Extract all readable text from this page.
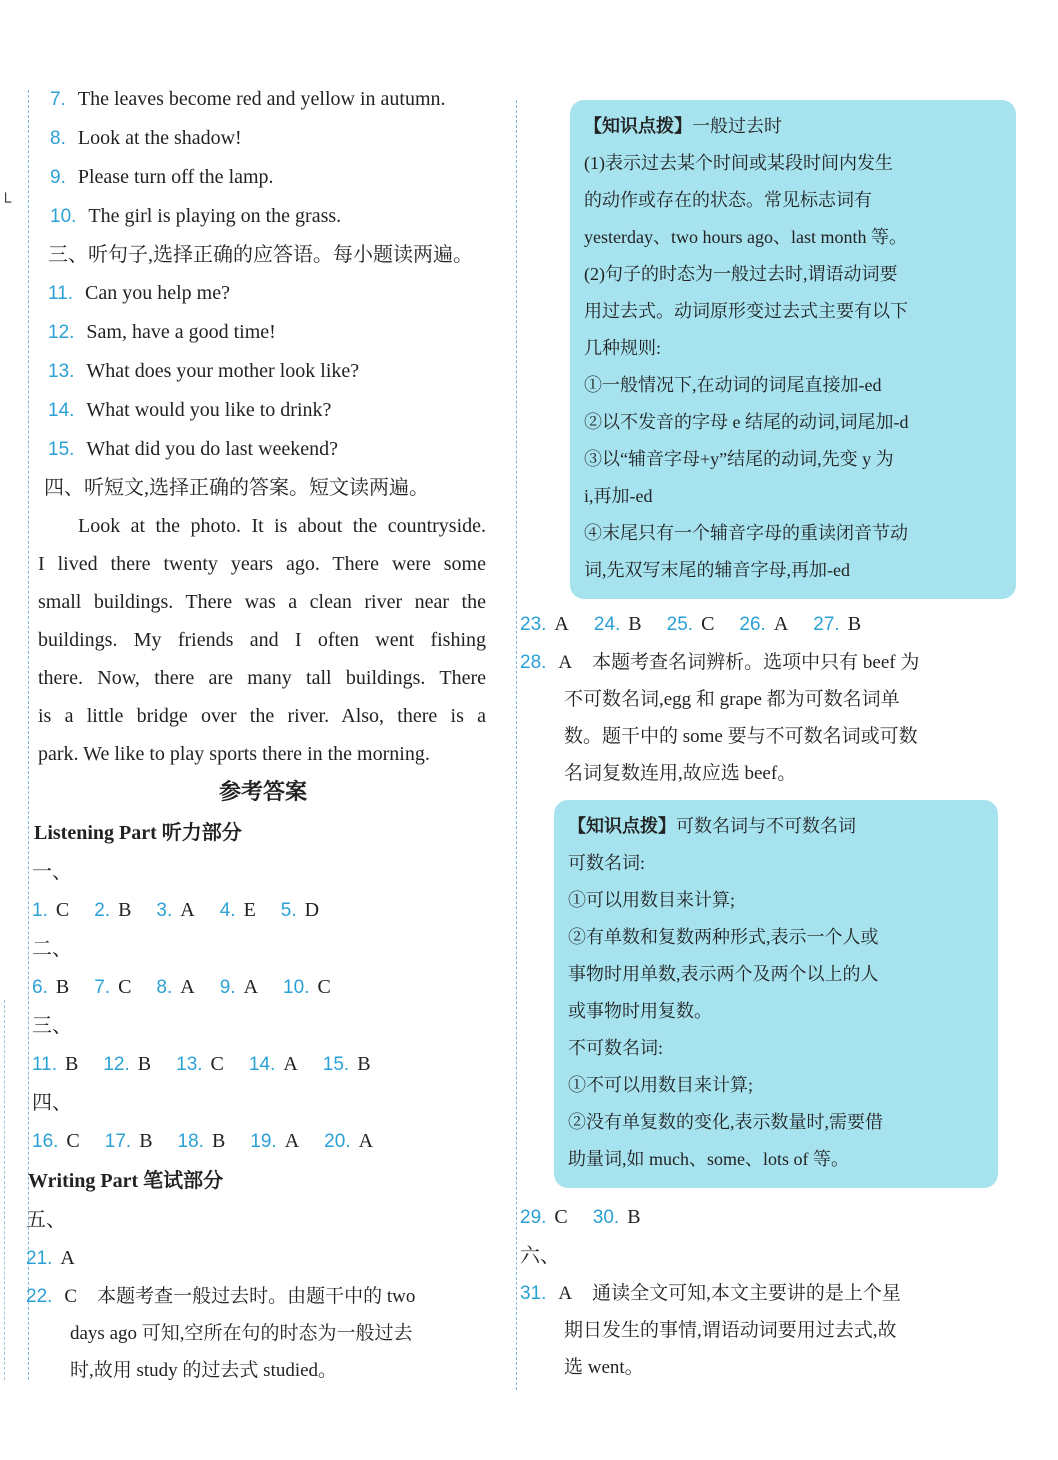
└
7. The leaves become red and yellow in autumn.
8. Look at the shadow!
9. Please turn off the lamp.
10. The girl is playing on the grass.
三、听句子,选择正确的应答语。每小题读两遍。
11. Can you help me?
12. Sam, have a good time!
13. What does your mother look like?
14. What would you like to drink?
15. What did you do last weekend?
四、听短文,选择正确的答案。短文读两遍。
Look at the photo. It is about the countryside.
I lived there twenty years ago. There were some
small buildings. There was a clean river near the
buildings. My friends and I often went fishing
there. Now, there are many tall buildings. There
is a little bridge over the river. Also, there is a
park. We like to play sports there in the morning.
参考答案
Listening Part 听力部分
一、
1. C 2. B 3. A 4. E 5. D
二、
6. B 7. C 8. A 9. A 10. C
三、
11. B 12. B 13. C 14. A 15. B
四、
16. C 17. B 18. B 19. A 20. A
Writing Part 笔试部分
五、
21. A
22. C 本题考查一般过去时。由题干中的 two
days ago 可知,空所在句的时态为一般过去
时,故用 study 的过去式 studied。
【知识点拨】一般过去时
(1)表示过去某个时间或某段时间内发生
的动作或存在的状态。常见标志词有
yesterday、two hours ago、last month 等。
(2)句子的时态为一般过去时,谓语动词要
用过去式。动词原形变过去式主要有以下
几种规则:
①一般情况下,在动词的词尾直接加-ed
②以不发音的字母 e 结尾的动词,词尾加-d
③以“辅音字母+y”结尾的动词,先变 y 为
i,再加-ed
④末尾只有一个辅音字母的重读闭音节动
词,先双写末尾的辅音字母,再加-ed
23. A 24. B 25. C 26. A 27. B
28. A 本题考查名词辨析。选项中只有 beef 为
不可数名词,egg 和 grape 都为可数名词单
数。题干中的 some 要与不可数名词或可数
名词复数连用,故应选 beef。
【知识点拨】可数名词与不可数名词
可数名词:
①可以用数目来计算;
②有单数和复数两种形式,表示一个人或
事物时用单数,表示两个及两个以上的人
或事物时用复数。
不可数名词:
①不可以用数目来计算;
②没有单复数的变化,表示数量时,需要借
助量词,如 much、some、lots of 等。
29. C 30. B
六、
31. A 通读全文可知,本文主要讲的是上个星
期日发生的事情,谓语动词要用过去式,故
选 went。
